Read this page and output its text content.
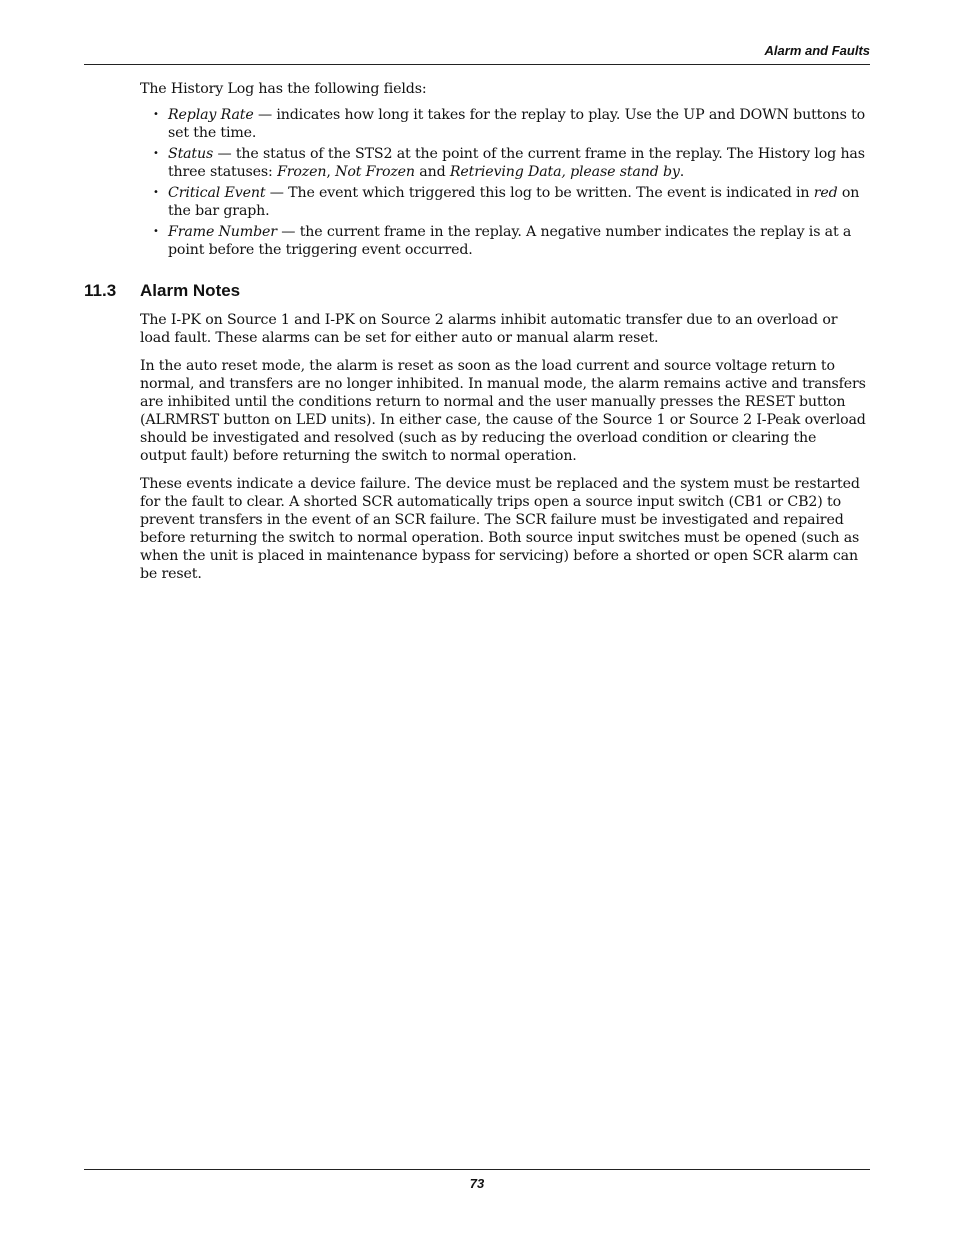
Alarm and Faults

The History Log has the following fields:

• Replay Rate — indicates how long it takes for the replay to play. Use the UP and DOWN buttons to set the time.
• Status — the status of the STS2 at the point of the current frame in the replay. The History log has three statuses: Frozen, Not Frozen and Retrieving Data, please stand by.
• Critical Event — The event which triggered this log to be written. The event is indicated in red on the bar graph.
• Frame Number — the current frame in the replay. A negative number indicates the replay is at a point before the triggering event occurred.
11.3 Alarm Notes

The I-PK on Source 1 and I-PK on Source 2 alarms inhibit automatic transfer due to an overload or load fault. These alarms can be set for either auto or manual alarm reset.

In the auto reset mode, the alarm is reset as soon as the load current and source voltage return to normal, and transfers are no longer inhibited. In manual mode, the alarm remains active and transfers are inhibited until the conditions return to normal and the user manually presses the RESET button (ALRMRST button on LED units). In either case, the cause of the Source 1 or Source 2 I-Peak overload should be investigated and resolved (such as by reducing the overload condition or clearing the output fault) before returning the switch to normal operation.

These events indicate a device failure. The device must be replaced and the system must be restarted for the fault to clear. A shorted SCR automatically trips open a source input switch (CB1 or CB2) to prevent transfers in the event of an SCR failure. The SCR failure must be investigated and repaired before returning the switch to normal operation. Both source input switches must be opened (such as when the unit is placed in maintenance bypass for servicing) before a shorted or open SCR alarm can be reset.

73
